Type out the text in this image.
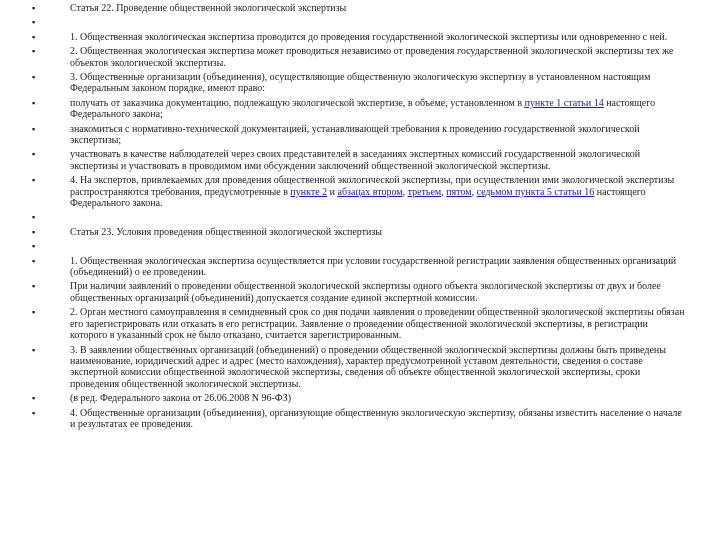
▪	Статья 22. Проведение общественной экологической экспертизы
▪
▪	1. Общественная экологическая экспертиза проводится до проведения государственной экологической экспертизы или одновременно с ней.
▪	2. Общественная экологическая экспертиза может проводиться независимо от проведения государственной экологической экспертизы тех же объектов экологической экспертизы.
▪	3. Общественные организации (объединения), осуществляющие общественную экологическую экспертизу в установленном настоящим Федеральным законом порядке, имеют право:
▪	получать от заказчика документацию, подлежащую экологической экспертизе, в объеме, установленном в пункте 1 статьи 14 настоящего Федерального закона;
▪	знакомиться с нормативно-технической документацией, устанавливающей требования к проведению государственной экологической экспертизы;
▪	участвовать в качестве наблюдателей через своих представителей в заседаниях экспертных комиссий государственной экологической экспертизы и участвовать в проводимом ими обсуждении заключений общественной экологической экспертизы.
▪	4. На экспертов, привлекаемых для проведения общественной экологической экспертизы, при осуществлении ими экологической экспертизы распространяются требования, предусмотренные в пункте 2 и абзацах втором, третьем, пятом, седьмом пункта 5 статьи 16 настоящего Федерального закона.
▪
▪	Статья 23. Условия проведения общественной экологической экспертизы
▪
▪	1. Общественная экологическая экспертиза осуществляется при условии государственной регистрации заявления общественных организаций (объединений) о ее проведении.
▪	При наличии заявлений о проведении общественной экологической экспертизы одного объекта экологической экспертизы от двух и более общественных организаций (объединений) допускается создание единой экспертной комиссии.
▪	2. Орган местного самоуправления в семидневный срок со дня подачи заявления о проведении общественной экологической экспертизы обязан его зарегистрировать или отказать в его регистрации. Заявление о проведении общественной экологической экспертизы, в регистрации которого в указанный срок не было отказано, считается зарегистрированным.
▪	3. В заявлении общественных организаций (объединений) о проведении общественной экологической экспертизы должны быть приведены наименование, юридический адрес и адрес (место нахождения), характер предусмотренной уставом деятельности, сведения о составе экспертной комиссии общественной экологической экспертизы, сведения об объекте общественной экологической экспертизы, сроки проведения общественной экологической экспертизы.
▪	(в ред. Федерального закона от 26.06.2008 N 96-ФЗ)
▪	4. Общественные организации (объединения), организующие общественную экологическую экспертизу, обязаны известить население о начале и результатах ее проведения.
